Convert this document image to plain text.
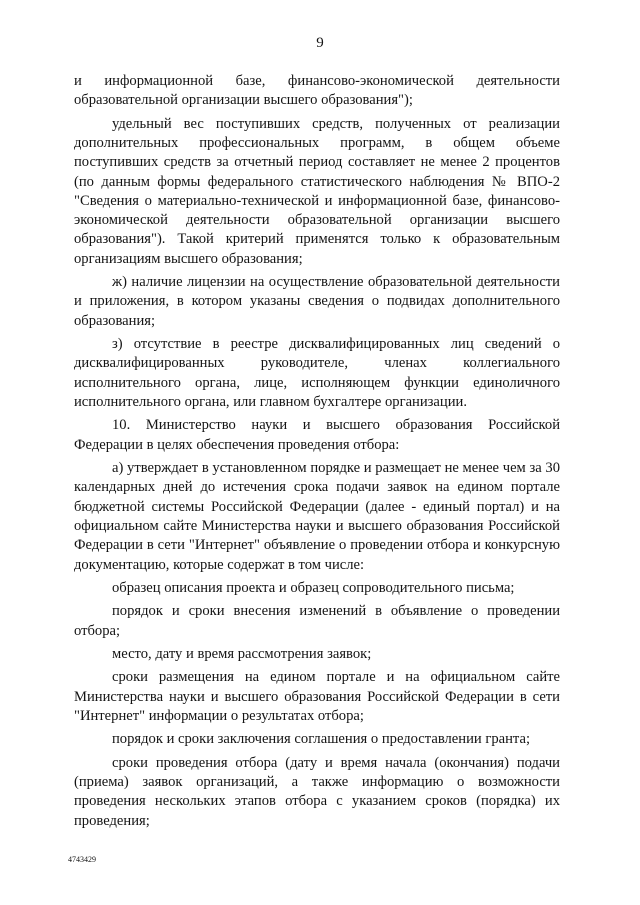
9

и информационной базе, финансово-экономической деятельности образовательной организации высшего образования");

удельный вес поступивших средств, полученных от реализации дополнительных профессиональных программ, в общем объеме поступивших средств за отчетный период составляет не менее 2 процентов (по данным формы федерального статистического наблюдения № ВПО-2 "Сведения о материально-технической и информационной базе, финансово-экономической деятельности образовательной организации высшего образования"). Такой критерий применятся только к образовательным организациям высшего образования;

ж) наличие лицензии на осуществление образовательной деятельности и приложения, в котором указаны сведения о подвидах дополнительного образования;

з) отсутствие в реестре дисквалифицированных лиц сведений о дисквалифицированных руководителе, членах коллегиального исполнительного органа, лице, исполняющем функции единоличного исполнительного органа, или главном бухгалтере организации.

10. Министерство науки и высшего образования Российской Федерации в целях обеспечения проведения отбора:

а) утверждает в установленном порядке и размещает не менее чем за 30 календарных дней до истечения срока подачи заявок на едином портале бюджетной системы Российской Федерации (далее - единый портал) и на официальном сайте Министерства науки и высшего образования Российской Федерации в сети "Интернет" объявление о проведении отбора и конкурсную документацию, которые содержат в том числе:

образец описания проекта и образец сопроводительного письма;

порядок и сроки внесения изменений в объявление о проведении отбора;

место, дату и время рассмотрения заявок;

сроки размещения на едином портале и на официальном сайте Министерства науки и высшего образования Российской Федерации в сети "Интернет" информации о результатах отбора;

порядок и сроки заключения соглашения о предоставлении гранта;

сроки проведения отбора (дату и время начала (окончания) подачи (приема) заявок организаций, а также информацию о возможности проведения нескольких этапов отбора с указанием сроков (порядка) их проведения;

4743429
